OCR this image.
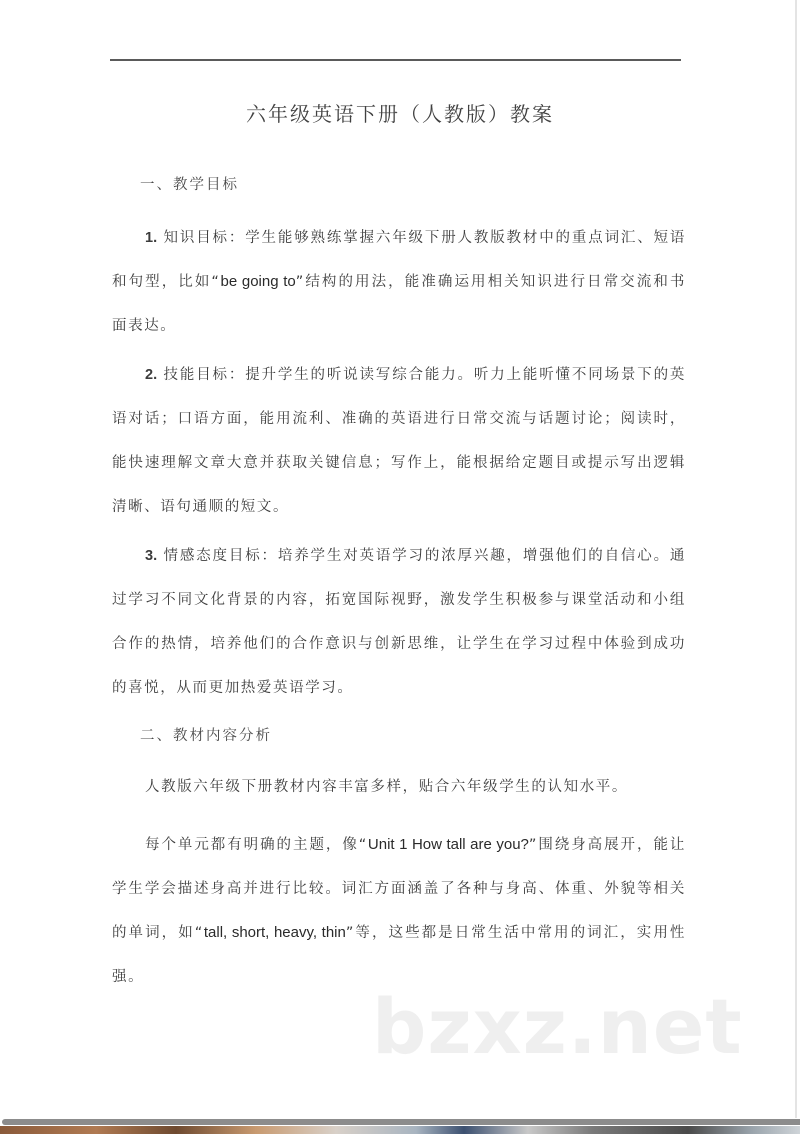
六年级英语下册（人教版）教案
一、教学目标
1. 知识目标：学生能够熟练掌握六年级下册人教版教材中的重点词汇、短语和句型，比如“be going to”结构的用法，能准确运用相关知识进行日常交流和书面表达。
2. 技能目标：提升学生的听说读写综合能力。听力上能听懂不同场景下的英语对话；口语方面，能用流利、准确的英语进行日常交流与话题讨论；阅读时，能快速理解文章大意并获取关键信息；写作上，能根据给定题目或提示写出逻辑清晰、语句通顺的短文。
3. 情感态度目标：培养学生对英语学习的浓厚兴趣，增强他们的自信心。通过学习不同文化背景的内容，拓宽国际视野，激发学生积极参与课堂活动和小组合作的热情，培养他们的合作意识与创新思维，让学生在学习过程中体验到成功的喜悦，从而更加热爱英语学习。
二、教材内容分析
人教版六年级下册教材内容丰富多样，贴合六年级学生的认知水平。
每个单元都有明确的主题，像“Unit 1 How tall are you?”围绕身高展开，能让学生学会描述身高并进行比较。词汇方面涵盖了各种与身高、体重、外貌等相关的单词，如“tall, short, heavy, thin”等，这些都是日常生活中常用的词汇，实用性强。
bzxz.net
